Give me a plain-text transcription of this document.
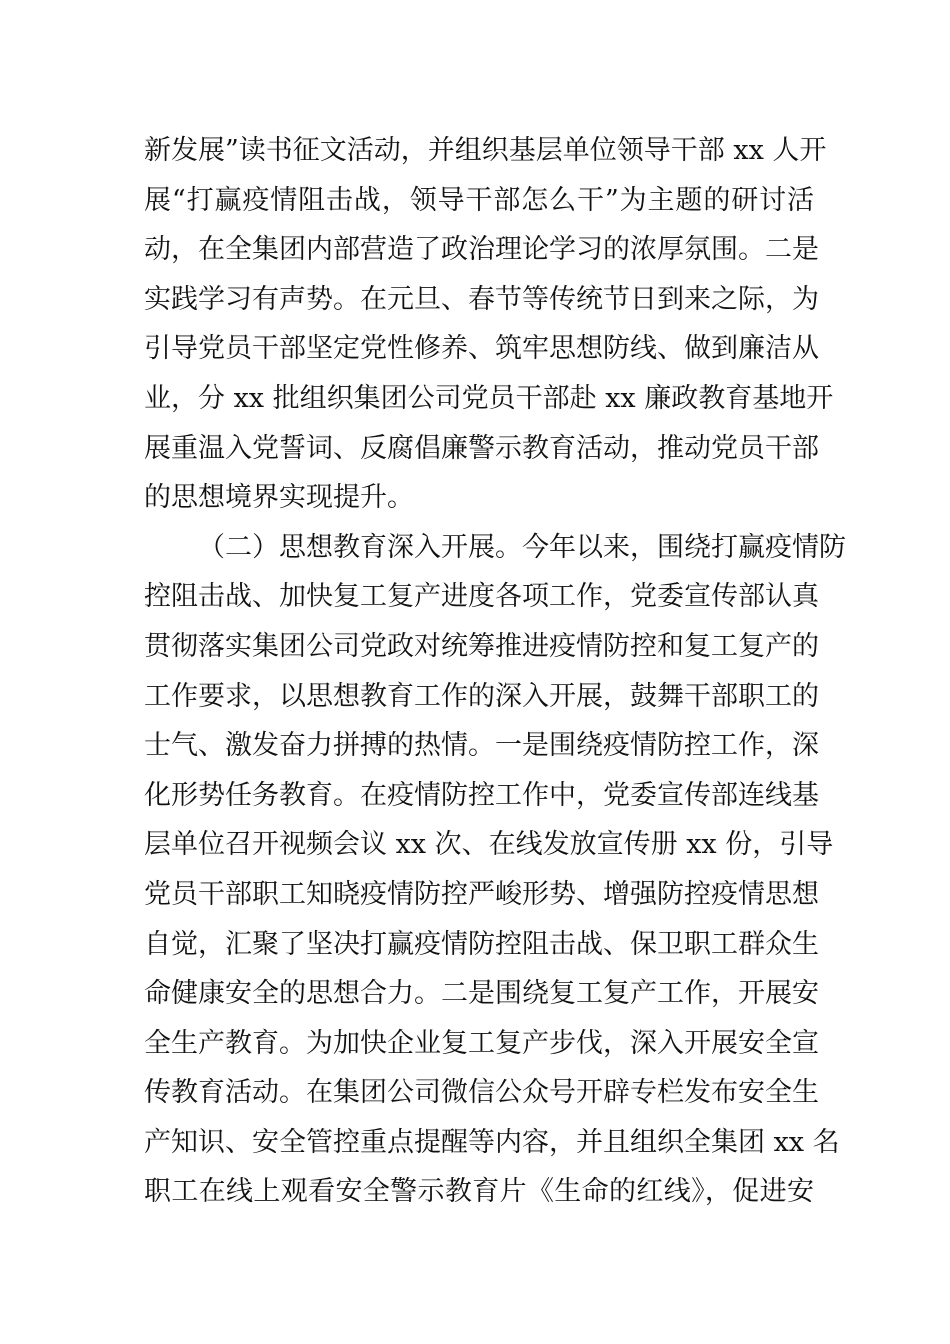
新发展”读书征文活动，并组织基层单位领导干部 xx 人开
展“打赢疫情阻击战，领导干部怎么干”为主题的研讨活
动，在全集团内部营造了政治理论学习的浓厚氛围。二是
实践学习有声势。在元旦、春节等传统节日到来之际，为
引导党员干部坚定党性修养、筑牢思想防线、做到廉洁从
业，分 xx 批组织集团公司党员干部赴 xx 廉政教育基地开
展重温入党誓词、反腐倡廉警示教育活动，推动党员干部
的思想境界实现提升。
（二）思想教育深入开展。今年以来，围绕打赢疫情防
控阻击战、加快复工复产进度各项工作，党委宣传部认真
贯彻落实集团公司党政对统筹推进疫情防控和复工复产的
工作要求，以思想教育工作的深入开展，鼓舞干部职工的
士气、激发奋力拼搏的热情。一是围绕疫情防控工作，深
化形势任务教育。在疫情防控工作中，党委宣传部连线基
层单位召开视频会议 xx 次、在线发放宣传册 xx 份，引导
党员干部职工知晓疫情防控严峻形势、增强防控疫情思想
自觉，汇聚了坚决打赢疫情防控阻击战、保卫职工群众生
命健康安全的思想合力。二是围绕复工复产工作，开展安
全生产教育。为加快企业复工复产步伐，深入开展安全宣
传教育活动。在集团公司微信公众号开辟专栏发布安全生
产知识、安全管控重点提醒等内容，并且组织全集团 xx 名
职工在线上观看安全警示教育片《生命的红线》，促进安
